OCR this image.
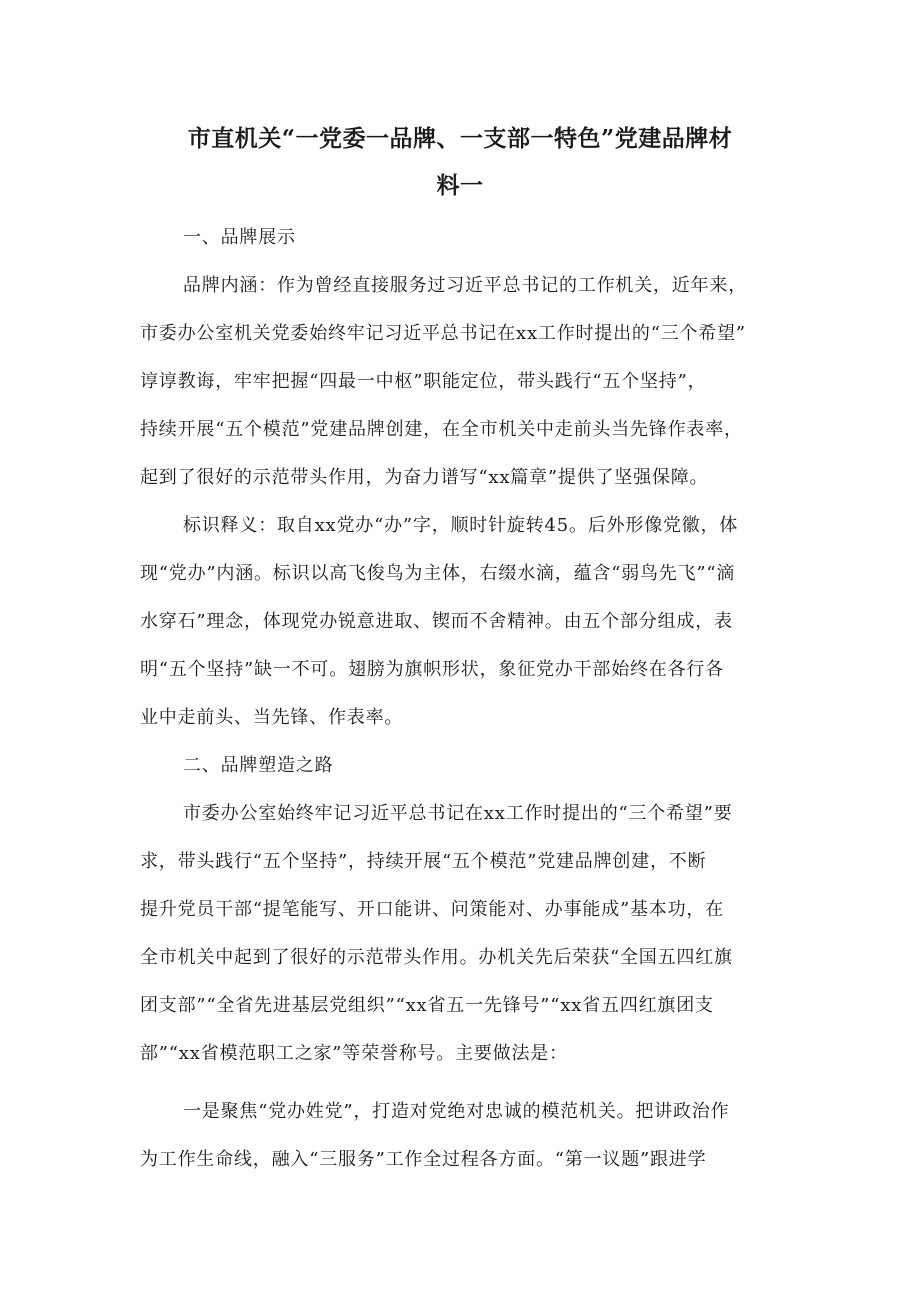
市直机关“一党委一品牌、一支部一特色”党建品牌材
料一
一、品牌展示
品牌内涵：作为曾经直接服务过习近平总书记的工作机关，近年来，
市委办公室机关党委始终牢记习近平总书记在xx工作时提出的“三个希望”
谆谆教诲，牢牢把握“四最一中枢”职能定位，带头践行“五个坚持”，
持续开展“五个模范”党建品牌创建，在全市机关中走前头当先锋作表率，
起到了很好的示范带头作用，为奋力谱写“xx篇章”提供了坚强保障。
标识释义：取自xx党办“办”字，顺时针旋转45。后外形像党徽，体
现“党办”内涵。标识以高飞俊鸟为主体，右缀水滴，蕴含“弱鸟先飞”“滴
水穿石”理念，体现党办锐意进取、锲而不舍精神。由五个部分组成，表
明“五个坚持”缺一不可。翅膀为旗帜形状，象征党办干部始终在各行各
业中走前头、当先锋、作表率。
二、品牌塑造之路
市委办公室始终牢记习近平总书记在xx工作时提出的“三个希望”要
求，带头践行“五个坚持”，持续开展“五个模范”党建品牌创建，不断
提升党员干部“提笔能写、开口能讲、问策能对、办事能成”基本功，在
全市机关中起到了很好的示范带头作用。办机关先后荣获“全国五四红旗
团支部”“全省先进基层党组织”“xx省五一先锋号”“xx省五四红旗团支
部”“xx省模范职工之家”等荣誉称号。主要做法是：
一是聚焦“党办姓党”，打造对党绝对忠诚的模范机关。把讲政治作
为工作生命线，融入“三服务”工作全过程各方面。“第一议题”跟进学
